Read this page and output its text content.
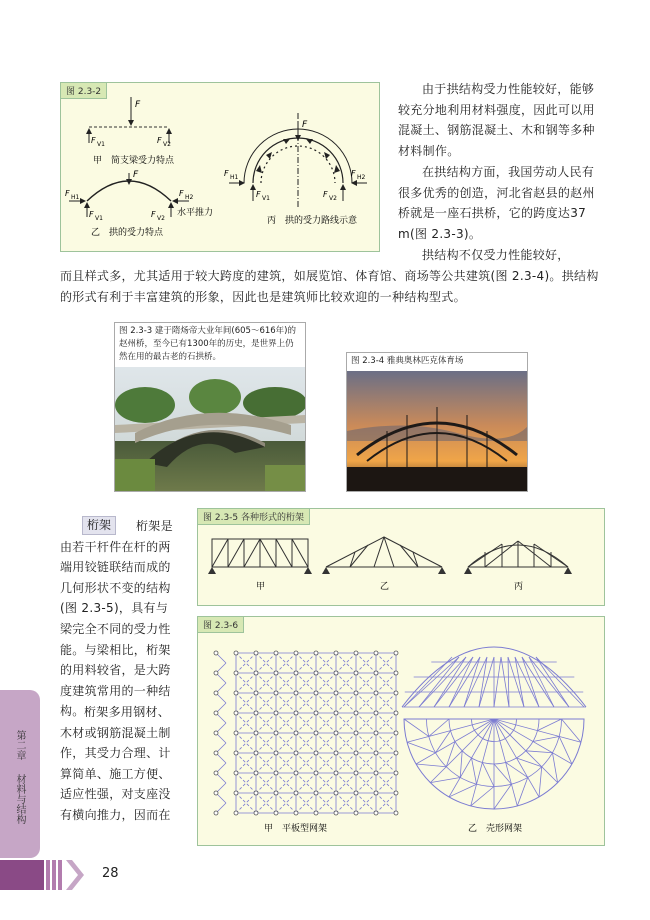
图 2.3-2
F
F V1	F V2
甲　简支梁受力特点
F
F H1	F H2
F V1	F V2
水平推力
乙　拱的受力特点
F
F H1	F H2
F V1	F V2
丙　拱的受力路线示意
由于拱结构受力性能较好，能够较充分地利用材料强度，因此可以用混凝土、钢筋混凝土、木和钢等多种材料制作。
在拱结构方面，我国劳动人民有很多优秀的创造，河北省赵县的赵州桥就是一座石拱桥，它的跨度达37 m(图 2.3-3)。
拱结构不仅受力性能较好，
而且样式多，尤其适用于较大跨度的建筑，如展览馆、体育馆、商场等公共建筑(图 2.3-4)。拱结构的形式有利于丰富建筑的形象，因此也是建筑师比较欢迎的一种结构型式。
图 2.3-3 建于隋炀帝大业年间(605～616年)的赵州桥，至今已有1300年的历史，是世界上仍然在用的最古老的石拱桥。	图 2.3-4 雅典奥林匹克体育场
桁架	桁架是由若干杆件在杆的两端用铰链联结而成的几何形状不变的结构(图 2.3-5)，具有与梁完全不同的受力性能。与梁相比，桁架的用料较省，是大跨度建筑常用的一种结构。 桁架多用钢材、木材或钢筋混凝土制作，其受力合理、计算简单、施工方便、适应性强，对支座没有横向推力，因而在
图 2.3-5 各种形式的桁架
甲	乙	丙
图 2.3-6
甲　平板型网架	乙　壳形网架
第二章
材料与结构
28
